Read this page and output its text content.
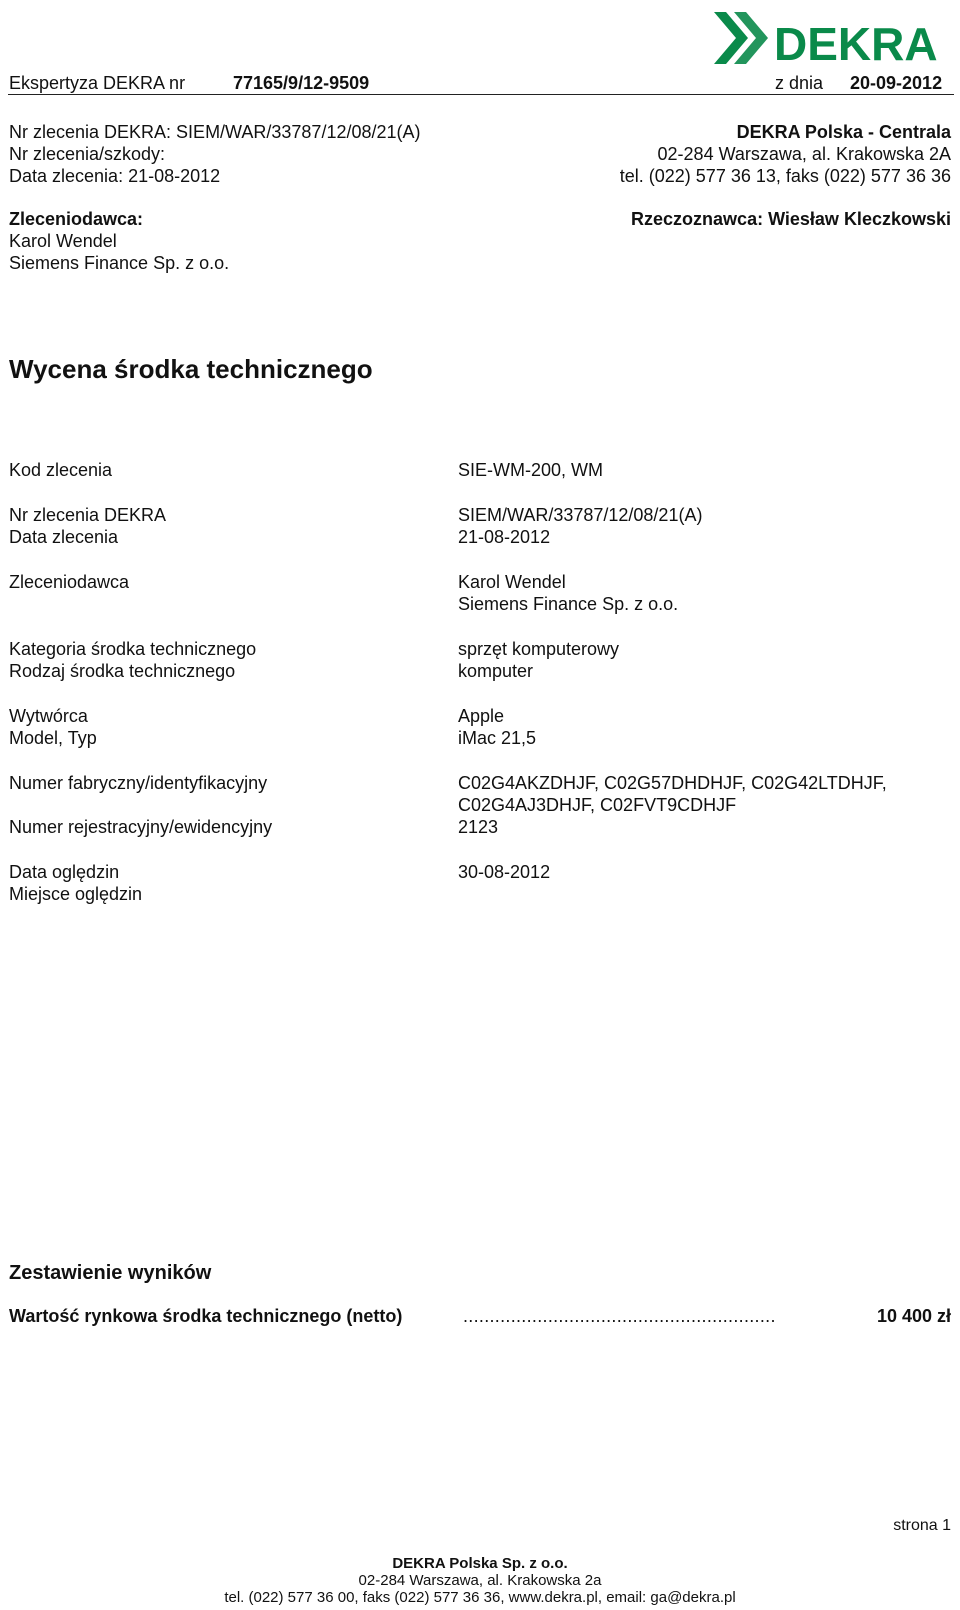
DEKRA
Ekspertyza DEKRA nr	77165/9/12-9509	z dnia 20-09-2012
Nr zlecenia DEKRA: SIEM/WAR/33787/12/08/21(A)
Nr zlecenia/szkody:
Data zlecenia: 21-08-2012
DEKRA Polska - Centrala
02-284 Warszawa, al. Krakowska 2A
tel. (022) 577 36 13, faks (022) 577 36 36
Zleceniodawca:
Karol Wendel
Siemens Finance Sp. z o.o.
Rzeczoznawca: Wiesław Kleczkowski
Wycena środka technicznego
Kod zlecenia	SIE-WM-200, WM
Nr zlecenia DEKRA	SIEM/WAR/33787/12/08/21(A)
Data zlecenia	21-08-2012
Zleceniodawca	Karol Wendel
Siemens Finance Sp. z o.o.
Kategoria środka technicznego	sprzęt komputerowy
Rodzaj środka technicznego	komputer
Wytwórca	Apple
Model, Typ	iMac 21,5
Numer fabryczny/identyfikacyjny	C02G4AKZDHJF, C02G57DHDHJF, C02G42LTDHJF,
C02G4AJ3DHJF, C02FVT9CDHJF
Numer rejestracyjny/ewidencyjny	2123
Data oględzin	30-08-2012
Miejsce oględzin
Zestawienie wyników
Wartość rynkowa środka technicznego (netto)	...........................................................	10 400 zł
strona 1
DEKRA Polska Sp. z o.o.
02-284 Warszawa, al. Krakowska 2a
tel. (022) 577 36 00, faks (022) 577 36 36, www.dekra.pl, email: ga@dekra.pl
